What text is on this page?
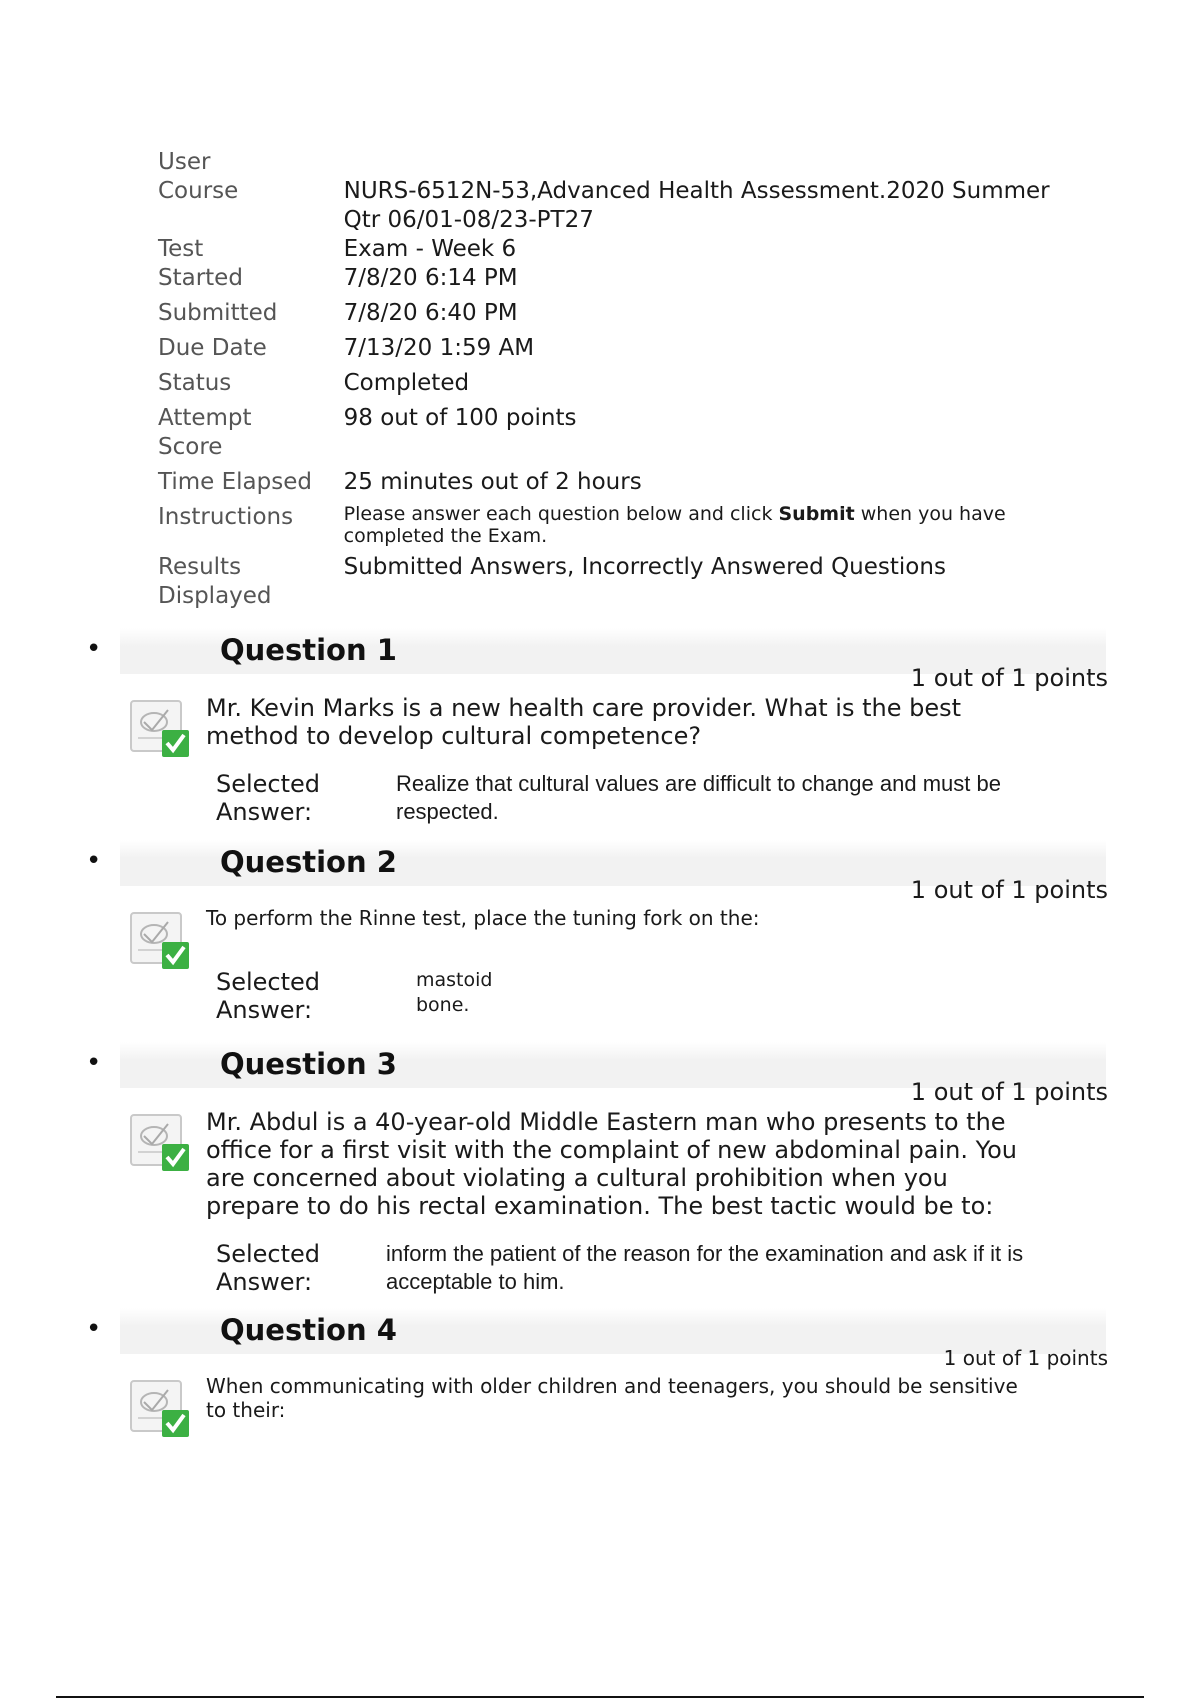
User	
Course	NURS-6512N-53,Advanced Health Assessment.2020 Summer Qtr 06/01-08/23-PT27
Test	Exam - Week 6
Started	7/8/20 6:14 PM
Submitted	7/8/20 6:40 PM
Due Date	7/13/20 1:59 AM
Status	Completed
Attempt Score	98 out of 100 points
Time Elapsed	25 minutes out of 2 hours
Instructions	Please answer each question below and click Submit when you have completed the Exam.
Results Displayed	Submitted Answers, Incorrectly Answered Questions
•	Question 1
1 out of 1 points
Mr. Kevin Marks is a new health care provider. What is the best method to develop cultural competence?
Selected Answer:
Realize that cultural values are difficult to change and must be respected.
•	Question 2
1 out of 1 points
To perform the Rinne test, place the tuning fork on the:
Selected Answer:
mastoid bone.
•	Question 3
1 out of 1 points
Mr. Abdul is a 40-year-old Middle Eastern man who presents to the office for a first visit with the complaint of new abdominal pain. You are concerned about violating a cultural prohibition when you prepare to do his rectal examination. The best tactic would be to:
Selected Answer:
inform the patient of the reason for the examination and ask if it is acceptable to him.
•	Question 4
1 out of 1 points
When communicating with older children and teenagers, you should be sensitive to their:
